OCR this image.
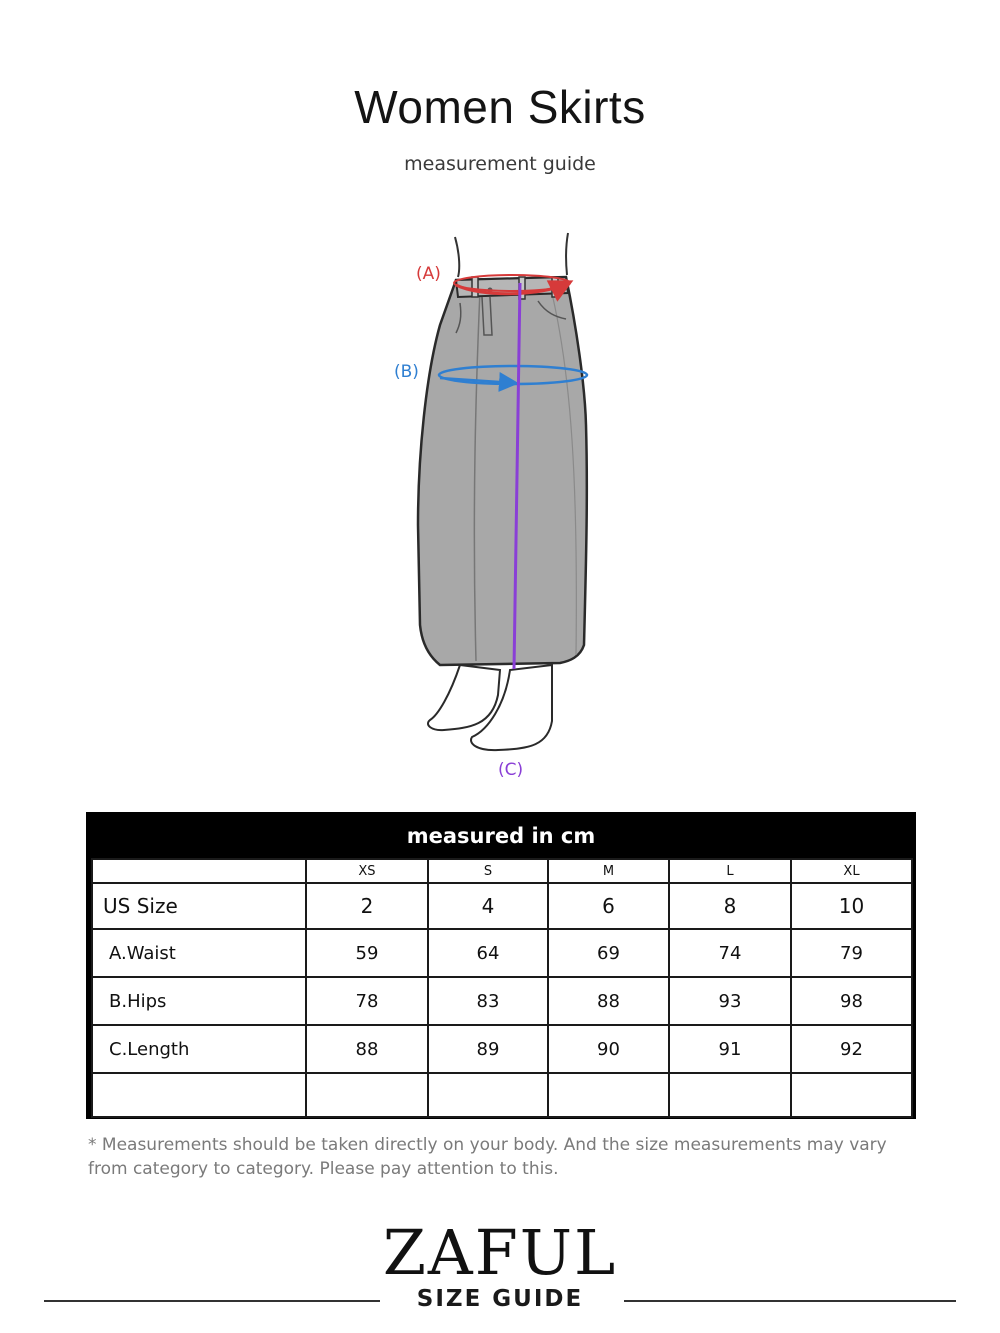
Women Skirts
measurement guide
(A)
(B)
(C)
measured in cm
	XS	S	M	L	XL
US Size	2	4	6	8	10
A.Waist	59	64	69	74	79
B.Hips	78	83	88	93	98
C.Length	88	89	90	91	92

* Measurements should be taken directly on your body. And the size measurements may vary from category to category. Please pay attention to this.
ZAFUL
SIZE GUIDE
